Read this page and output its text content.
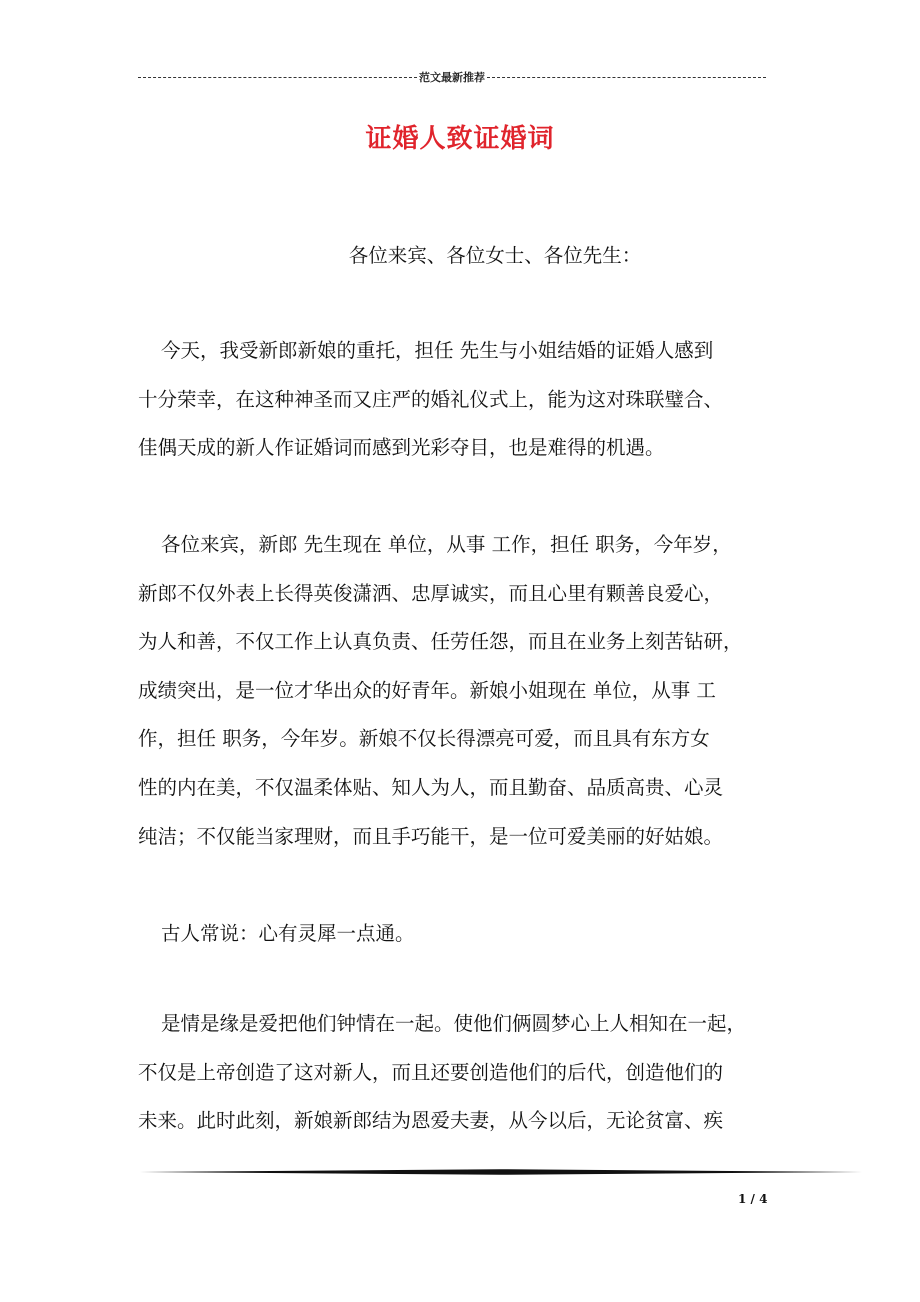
范文最新推荐
证婚人致证婚词
各位来宾、各位女士、各位先生：
今天，我受新郎新娘的重托，担任 先生与小姐结婚的证婚人感到
十分荣幸，在这种神圣而又庄严的婚礼仪式上，能为这对珠联璧合、
佳偶天成的新人作证婚词而感到光彩夺目，也是难得的机遇。
各位来宾，新郎 先生现在 单位，从事 工作，担任 职务，今年岁，
新郎不仅外表上长得英俊潇洒、忠厚诚实，而且心里有颗善良爱心，
为人和善，不仅工作上认真负责、任劳任怨，而且在业务上刻苦钻研，
成绩突出，是一位才华出众的好青年。新娘小姐现在 单位，从事 工
作，担任 职务，今年岁。新娘不仅长得漂亮可爱，而且具有东方女
性的内在美，不仅温柔体贴、知人为人，而且勤奋、品质高贵、心灵
纯洁；不仅能当家理财，而且手巧能干，是一位可爱美丽的好姑娘。
古人常说：心有灵犀一点通。
是情是缘是爱把他们钟情在一起。使他们俩圆梦心上人相知在一起，
不仅是上帝创造了这对新人，而且还要创造他们的后代，创造他们的
未来。此时此刻，新娘新郎结为恩爱夫妻，从今以后，无论贫富、疾
1 / 4
